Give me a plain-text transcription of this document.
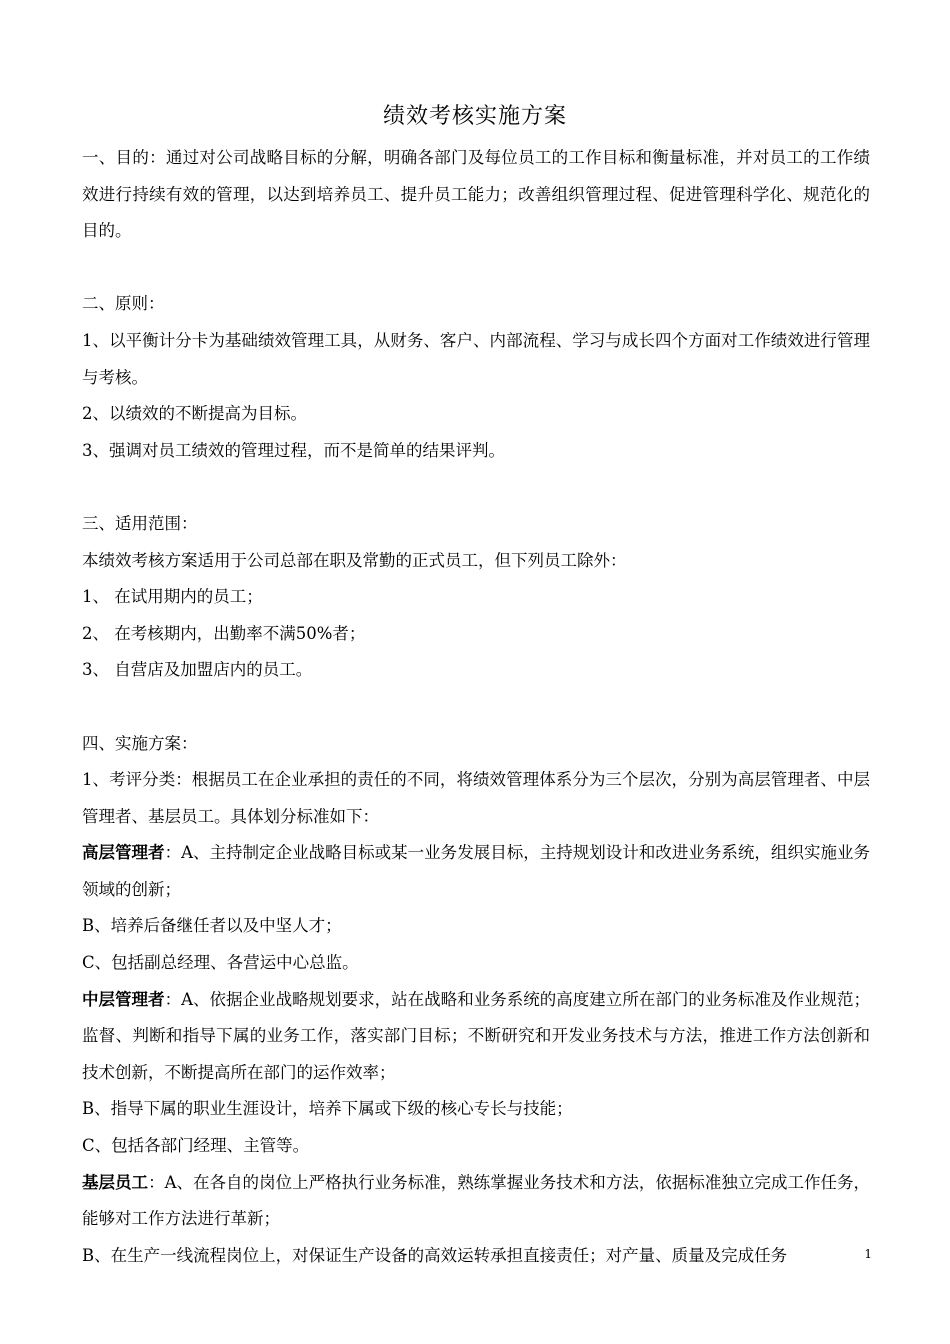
绩效考核实施方案

一、目的：通过对公司战略目标的分解，明确各部门及每位员工的工作目标和衡量标准，并对员工的工作绩效进行持续有效的管理，以达到培养员工、提升员工能力；改善组织管理过程、促进管理科学化、规范化的目的。

二、原则：

1、以平衡计分卡为基础绩效管理工具，从财务、客户、内部流程、学习与成长四个方面对工作绩效进行管理与考核。

2、以绩效的不断提高为目标。

3、强调对员工绩效的管理过程，而不是简单的结果评判。

三、适用范围：

本绩效考核方案适用于公司总部在职及常勤的正式员工，但下列员工除外：

1、 在试用期内的员工；

2、 在考核期内，出勤率不满50%者；

3、 自营店及加盟店内的员工。

四、实施方案：

1、考评分类：根据员工在企业承担的责任的不同，将绩效管理体系分为三个层次，分别为高层管理者、中层管理者、基层员工。具体划分标准如下：

高层管理者：A、主持制定企业战略目标或某一业务发展目标，主持规划设计和改进业务系统，组织实施业务领域的创新；

B、培养后备继任者以及中坚人才；

C、包括副总经理、各营运中心总监。

中层管理者：A、依据企业战略规划要求，站在战略和业务系统的高度建立所在部门的业务标准及作业规范；监督、判断和指导下属的业务工作，落实部门目标；不断研究和开发业务技术与方法，推进工作方法创新和技术创新，不断提高所在部门的运作效率；

B、指导下属的职业生涯设计，培养下属或下级的核心专长与技能；

C、包括各部门经理、主管等。

基层员工：A、在各自的岗位上严格执行业务标准，熟练掌握业务技术和方法，依据标准独立完成工作任务，能够对工作方法进行革新；

B、在生产一线流程岗位上，对保证生产设备的高效运转承担直接责任；对产量、质量及完成任务	1
